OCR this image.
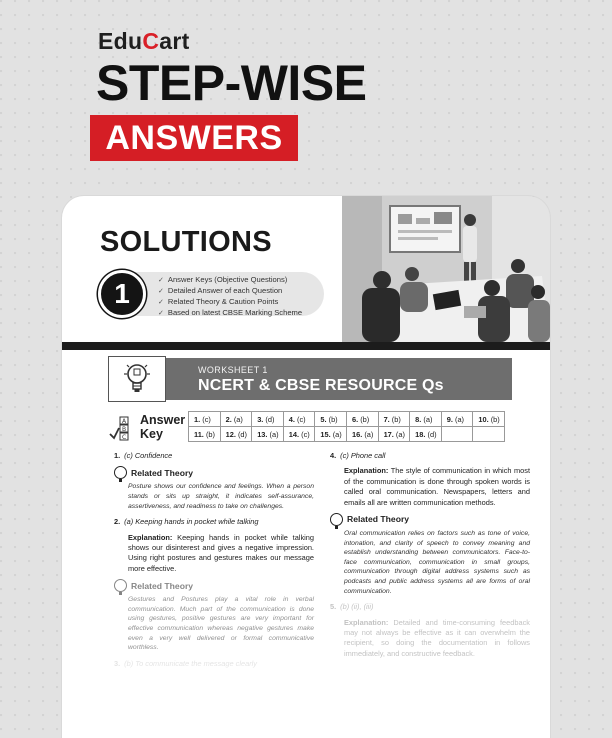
EduCart
STEP-WISE
ANSWERS
SOLUTIONS
1	✓ Answer Keys (Objective Questions)
✓ Detailed Answer of each Question
✓ Related Theory & Caution Points
✓ Based on latest CBSE Marking Scheme
WORKSHEET 1
NCERT & CBSE RESOURCE Qs
A
B
C
Answer
Key
1. (c)	2. (a)	3. (d)	4. (c)	5. (b)	6. (b)	7. (b)	8. (a)	9. (a)	10. (b)
11. (b)	12. (d)	13. (a)	14. (c)	15. (a)	16. (a)	17. (a)	18. (d)		
1. (c) Confidence
Related Theory
Posture shows our confidence and feelings. When a person stands or sits up straight, it indicates self-assurance, assertiveness, and readiness to take on challenges.
2. (a) Keeping hands in pocket while talking
Explanation: Keeping hands in pocket while talking shows our disinterest and gives a negative impression. Using right postures and gestures makes our message more effective.
Related Theory
Gestures and Postures play a vital role in verbal communication. Much part of the communication is done using gestures, positive gestures are very important for effective communication whereas negative gestures make even a very well delivered or formal communicative worthless.
3. (b) To communicate the message clearly
4. (c) Phone call
Explanation: The style of communication in which most of the communication is done through spoken words is called oral communication. Newspapers, letters and emails all are written communication methods.
Related Theory
Oral communication relies on factors such as tone of voice, intonation, and clarity of speech to convey meaning and establish understanding between communicators. Face-to-face communication, communication in small groups, communication through digital address systems such as podcasts and public address systems all are forms of oral communication.
5. (b) (ii), (iii)
Explanation: Detailed and time-consuming feedback may not always be effective as it can overwhelm the recipient, so doing the documentation in follows immediately, and constructive feedback.
